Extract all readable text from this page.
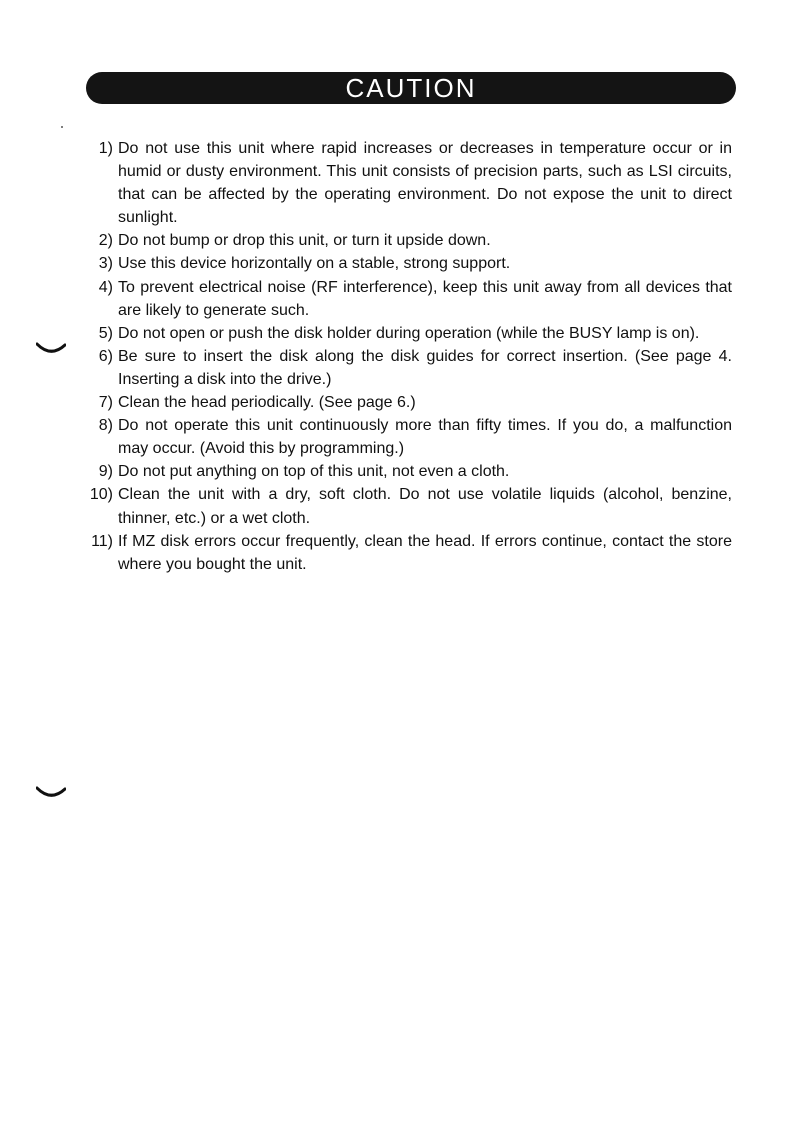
CAUTION
1) Do not use this unit where rapid increases or decreases in temperature occur or in humid or dusty environment. This unit consists of precision parts, such as LSI circuits, that can be affected by the operating environment. Do not expose the unit to direct sunlight.
2) Do not bump or drop this unit, or turn it upside down.
3) Use this device horizontally on a stable, strong support.
4) To prevent electrical noise (RF interference), keep this unit away from all devices that are likely to generate such.
5) Do not open or push the disk holder during operation (while the BUSY lamp is on).
6) Be sure to insert the disk along the disk guides for correct insertion. (See page 4. Inserting a disk into the drive.)
7) Clean the head periodically. (See page 6.)
8) Do not operate this unit continuously more than fifty times. If you do, a malfunction may occur. (Avoid this by programming.)
9) Do not put anything on top of this unit, not even a cloth.
10) Clean the unit with a dry, soft cloth. Do not use volatile liquids (alcohol, benzine, thinner, etc.) or a wet cloth.
11) If MZ disk errors occur frequently, clean the head. If errors continue, contact the store where you bought the unit.
